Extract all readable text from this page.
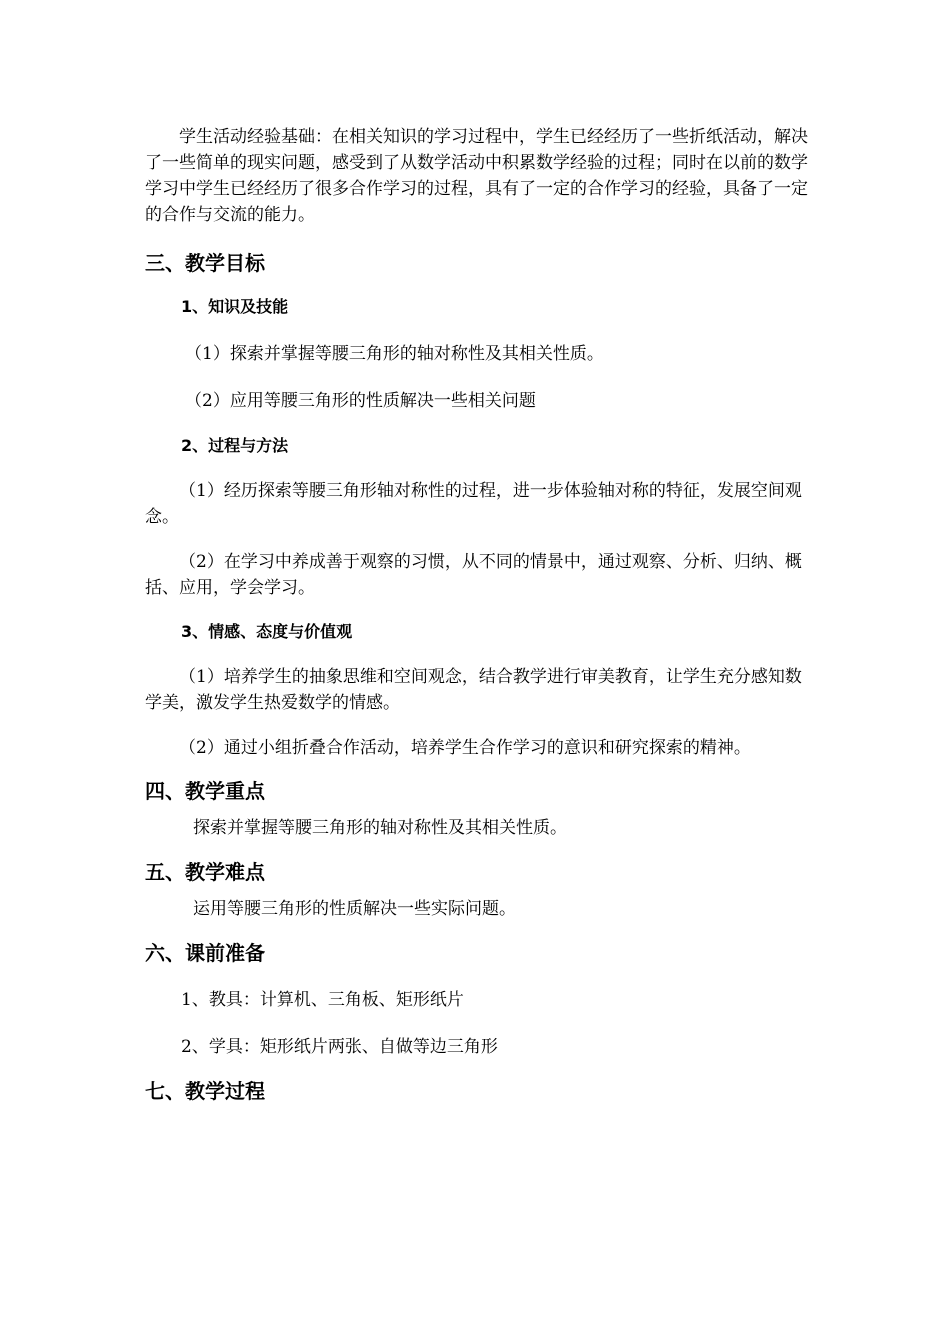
学生活动经验基础：在相关知识的学习过程中，学生已经经历了一些折纸活动，解决了一些简单的现实问题，感受到了从数学活动中积累数学经验的过程；同时在以前的数学学习中学生已经经历了很多合作学习的过程，具有了一定的合作学习的经验，具备了一定的合作与交流的能力。

三、教学目标
1、知识及技能

（1）探索并掌握等腰三角形的轴对称性及其相关性质。

（2）应用等腰三角形的性质解决一些相关问题

2、过程与方法

（1）经历探索等腰三角形轴对称性的过程，进一步体验轴对称的特征，发展空间观念。

（2）在学习中养成善于观察的习惯，从不同的情景中，通过观察、分析、归纳、概括、应用，学会学习。

3、情感、态度与价值观

（1）培养学生的抽象思维和空间观念，结合教学进行审美教育，让学生充分感知数学美，激发学生热爱数学的情感。

（2）通过小组折叠合作活动，培养学生合作学习的意识和研究探索的精神。

四、教学重点

探索并掌握等腰三角形的轴对称性及其相关性质。

五、教学难点

运用等腰三角形的性质解决一些实际问题。

六、课前准备

1、教具：计算机、三角板、矩形纸片

2、学具：矩形纸片两张、自做等边三角形

七、教学过程
